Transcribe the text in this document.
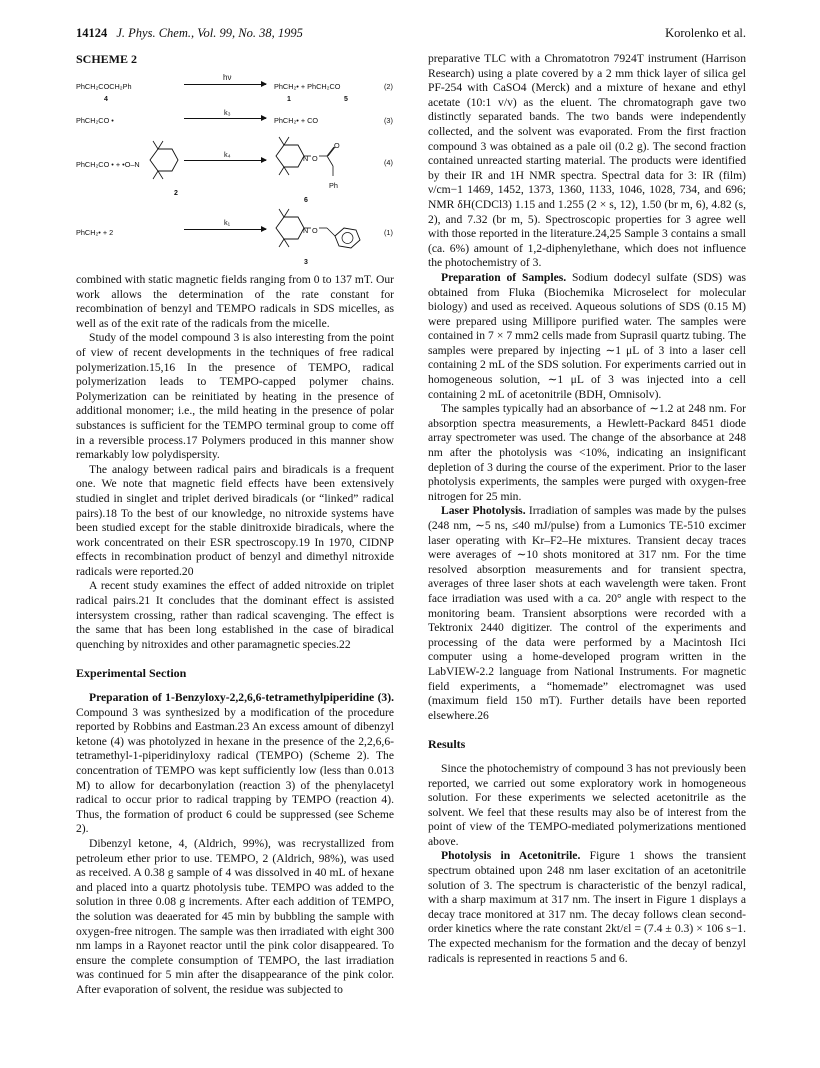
14124 J. Phys. Chem., Vol. 99, No. 38, 1995	Korolenko et al.
SCHEME 2
PhCH₂COCH₂Ph
4
hν
PhCH₂• + PhCH₂CO
1	5
(2)
PhCH₂CO •
k₃
PhCH₂• + CO	(3)
PhCH₂CO • + •O–N
2
k₄	N O
O
Ph
6
(4)
PhCH₂• + 2
k₁
N O
3
(1)

combined with static magnetic fields ranging from 0 to 137 mT. Our work allows the determination of the rate constant for recombination of benzyl and TEMPO radicals in SDS micelles, as well as of the exit rate of the radicals from the micelle.

Study of the model compound 3 is also interesting from the point of view of recent developments in the techniques of free radical polymerization.15,16 In the presence of TEMPO, radical polymerization leads to TEMPO-capped polymer chains. Polymerization can be reinitiated by heating in the presence of additional monomer; i.e., the mild heating in the presence of polar substances is sufficient for the TEMPO terminal group to come off in a reversible process.17 Polymers produced in this manner show remarkably low polydispersity.

The analogy between radical pairs and biradicals is a frequent one. We note that magnetic field effects have been extensively studied in singlet and triplet derived biradicals (or “linked” radical pairs).18 To the best of our knowledge, no nitroxide systems have been studied except for the stable dinitroxide biradicals, where the work concentrated on their ESR spectroscopy.19 In 1970, CIDNP effects in recombination product of benzyl and dimethyl nitroxide radicals were reported.20

A recent study examines the effect of added nitroxide on triplet radical pairs.21 It concludes that the dominant effect is assisted intersystem crossing, rather than radical scavenging. The effect is the same that has been long established in the case of biradical quenching by nitroxides and other paramagnetic species.22

Experimental Section

Preparation of 1-Benzyloxy-2,2,6,6-tetramethylpiperidine (3). Compound 3 was synthesized by a modification of the procedure reported by Robbins and Eastman.23 An excess amount of dibenzyl ketone (4) was photolyzed in hexane in the presence of the 2,2,6,6-tetramethyl-1-piperidinyloxy radical (TEMPO) (Scheme 2). The concentration of TEMPO was kept sufficiently low (less than 0.013 M) to allow for decarbonylation (reaction 3) of the phenylacetyl radical to occur prior to radical trapping by TEMPO (reaction 4). Thus, the formation of product 6 could be suppressed (see Scheme 2).

Dibenzyl ketone, 4, (Aldrich, 99%), was recrystallized from petroleum ether prior to use. TEMPO, 2 (Aldrich, 98%), was used as received. A 0.38 g sample of 4 was dissolved in 40 mL of hexane and placed into a quartz photolysis tube. TEMPO was added to the solution in three 0.08 g increments. After each addition of TEMPO, the solution was deaerated for 45 min by bubbling the sample with oxygen-free nitrogen. The sample was then irradiated with eight 300 nm lamps in a Rayonet reactor until the pink color disappeared. To ensure the complete consumption of TEMPO, the last irradiation was continued for 5 min after the disappearance of the pink color. After evaporation of solvent, the residue was subjected to

preparative TLC with a Chromatotron 7924T instrument (Harrison Research) using a plate covered by a 2 mm thick layer of silica gel PF-254 with CaSO4 (Merck) and a mixture of hexane and ethyl acetate (10:1 v/v) as the eluent. The chromatograph gave two distinctly separated bands. The two bands were independently collected, and the solvent was evaporated. From the first fraction compound 3 was obtained as a pale oil (0.2 g). The second fraction contained unreacted starting material. The products were identified by their IR and 1H NMR spectra. Spectral data for 3: IR (film) ν/cm−1 1469, 1452, 1373, 1360, 1133, 1046, 1028, 734, and 696; NMR δH(CDCl3) 1.15 and 1.255 (2 × s, 12), 1.50 (br m, 6), 4.82 (s, 2), and 7.32 (br m, 5). Spectroscopic properties for 3 agree well with those reported in the literature.24,25 Sample 3 contains a small (ca. 6%) amount of 1,2-diphenylethane, which does not influence the photochemistry of 3.

Preparation of Samples. Sodium dodecyl sulfate (SDS) was obtained from Fluka (Biochemika Microselect for molecular biology) and used as received. Aqueous solutions of SDS (0.15 M) were prepared using Millipore purified water. The samples were contained in 7 × 7 mm2 cells made from Suprasil quartz tubing. The samples were prepared by injecting ∼1 μL of 3 into a laser cell containing 2 mL of the SDS solution. For experiments carried out in homogeneous solution, ∼1 μL of 3 was injected into a cell containing 2 mL of acetonitrile (BDH, Omnisolv).

The samples typically had an absorbance of ∼1.2 at 248 nm. For absorption spectra measurements, a Hewlett-Packard 8451 diode array spectrometer was used. The change of the absorbance at 248 nm after the photolysis was <10%, indicating an insignificant depletion of 3 during the course of the experiment. Prior to the laser photolysis experiments, the samples were purged with oxygen-free nitrogen for 25 min.

Laser Photolysis. Irradiation of samples was made by the pulses (248 nm, ∼5 ns, ≤40 mJ/pulse) from a Lumonics TE-510 excimer laser operating with Kr–F2–He mixtures. Transient decay traces were averages of ∼10 shots monitored at 317 nm. For the time resolved absorption measurements and for transient spectra, averages of three laser shots at each wavelength were taken. Front face irradiation was used with a ca. 20° angle with respect to the monitoring beam. Transient absorptions were recorded with a Tektronix 2440 digitizer. The control of the experiments and processing of the data were performed by a Macintosh IIci computer using a home-developed program written in the LabVIEW-2.2 language from National Instruments. For magnetic field experiments, a “homemade” electromagnet was used (maximum field 150 mT). Further details have been reported elsewhere.26

Results

Since the photochemistry of compound 3 has not previously been reported, we carried out some exploratory work in homogeneous solution. For these experiments we selected acetonitrile as the solvent. We feel that these results may also be of interest from the point of view of the TEMPO-mediated polymerizations mentioned above.

Photolysis in Acetonitrile. Figure 1 shows the transient spectrum obtained upon 248 nm laser excitation of an acetonitrile solution of 3. The spectrum is characteristic of the benzyl radical, with a sharp maximum at 317 nm. The insert in Figure 1 displays a decay trace monitored at 317 nm. The decay follows clean second-order kinetics where the rate constant 2kt/εl = (7.4 ± 0.3) × 106 s−1. The expected mechanism for the formation and the decay of benzyl radicals is represented in reactions 5 and 6.
